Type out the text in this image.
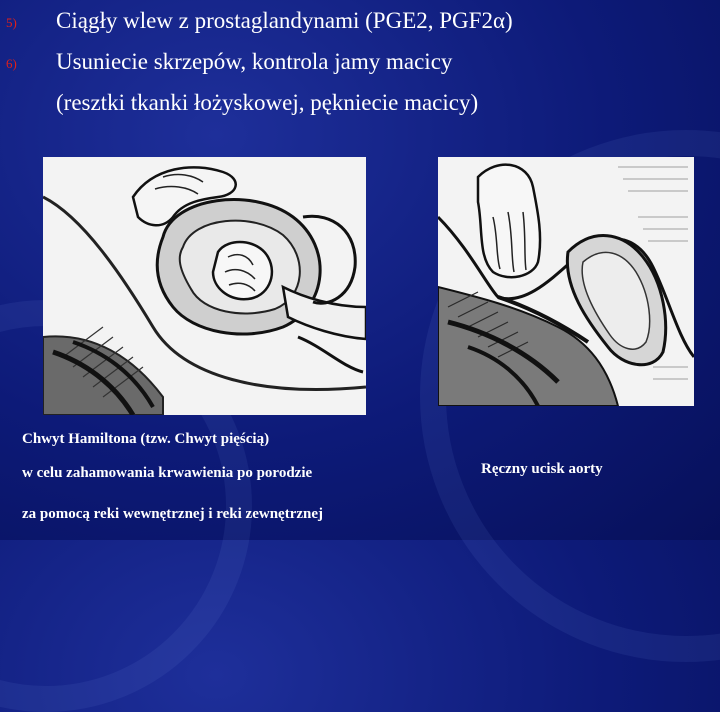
5) Ciągły wlew z prostaglandynami (PGE2, PGF2α)
6) Usuniecie skrzepów, kontrola jamy macicy
(resztki tkanki łożyskowej, pękniecie macicy)
Chwyt Hamiltona (tzw. Chwyt pięścią)
w celu zahamowania krwawienia po porodzie
za pomocą reki wewnętrznej i reki zewnętrznej
Ręczny ucisk aorty
